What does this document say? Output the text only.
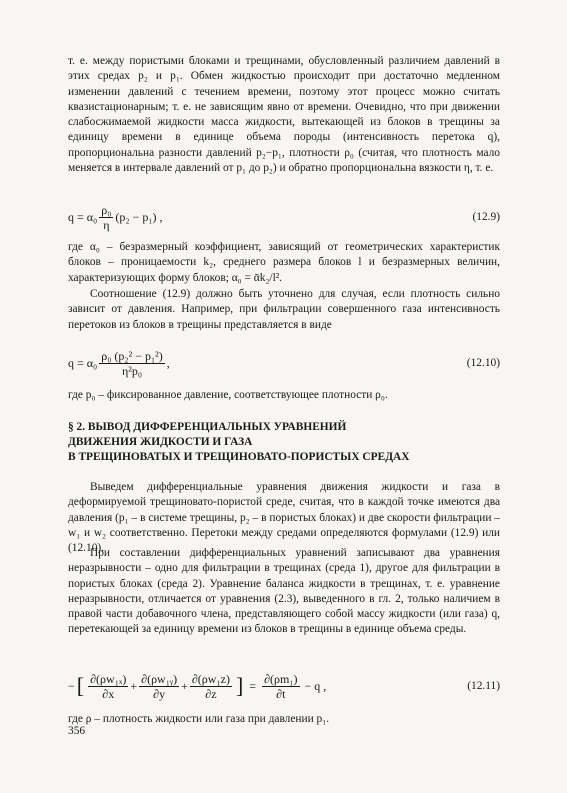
т. е. между пористыми блоками и трещинами, обусловленный различием давлений в этих средах p₂ и p₁. Обмен жидкостью происходит при достаточно медленном изменении давлений с течением времени, поэтому этот процесс можно считать квазистационарным; т. е. не зависящим явно от времени. Очевидно, что при движении слабосжимаемой жидкости масса жидкости, вытекающей из блоков в трещины за единицу времени в единице объема породы (интенсивность перетока q), пропорциональна разности давлений p₂−p₁, плотности ρ₀ (считая, что плотность мало меняется в интервале давлений от p₁ до p₂) и обратно пропорциональна вязкости η, т. е.

$q = \alpha_0 \frac{\text{ρ₀}}{\eta} (p_2 - p_1)$ ,	(12.9)

где α₀ – безразмерный коэффициент, зависящий от геометрических характеристик блоков – проницаемости k₂, среднего размера блоков l и безразмерных величин, характеризующих форму блоков; α₀ = ᾱk₂/l².

Соотношение (12.9) должно быть уточнено для случая, если плотность сильно зависит от давления. Например, при фильтрации совершенного газа интенсивность перетоков из блоков в трещины представляется в виде

$q = \alpha_0 \frac{\text{ρ₀ (p₂² − p₁²)}}{\text{η²p₀}}$ ,	(12.10)

где p₀ – фиксированное давление, соответствующее плотности ρ₀.

§ 2. ВЫВОД ДИФФЕРЕНЦИАЛЬНЫХ УРАВНЕНИЙ
ДВИЖЕНИЯ ЖИДКОСТИ И ГАЗА
В ТРЕЩИНОВАТЫХ И ТРЕЩИНОВАТО-ПОРИСТЫХ СРЕДАХ

Выведем дифференциальные уравнения движения жидкости и газа в деформируемой трещиновато-пористой среде, считая, что в каждой точке имеются два давления (p₁ – в системе трещины, p₂ – в пористых блоках) и две скорости фильтрации – w₁ и w₂ соответственно. Перетоки между средами определяются формулами (12.9) или (12.10).

При составлении дифференциальных уравнений записывают два уравнения неразрывности – одно для фильтрации в трещинах (среда 1), другое для фильтрации в пористых блоках (среда 2). Уравнение баланса жидкости в трещинах, т. е. уравнение неразрывности, отличается от уравнения (2.3), выведенного в гл. 2, только наличием в правой части добавочного члена, представляющего собой массу жидкости (или газа) q, перетекающей за единицу времени из блоков в трещины в единице объема среды.

− [ $\frac{\text{∂(ρw₁ₓ)}}{\partial x} + \frac{\text{∂(ρw₁ᵧ)}}{\partial y} + \frac{\text{∂(ρw₁z)}}{\partial z}$ ] = $\frac{\text{∂(ρm₁)}}{\partial t} - q$ ,	(12.11)

где ρ – плотность жидкости или газа при давлении p₁.

356
